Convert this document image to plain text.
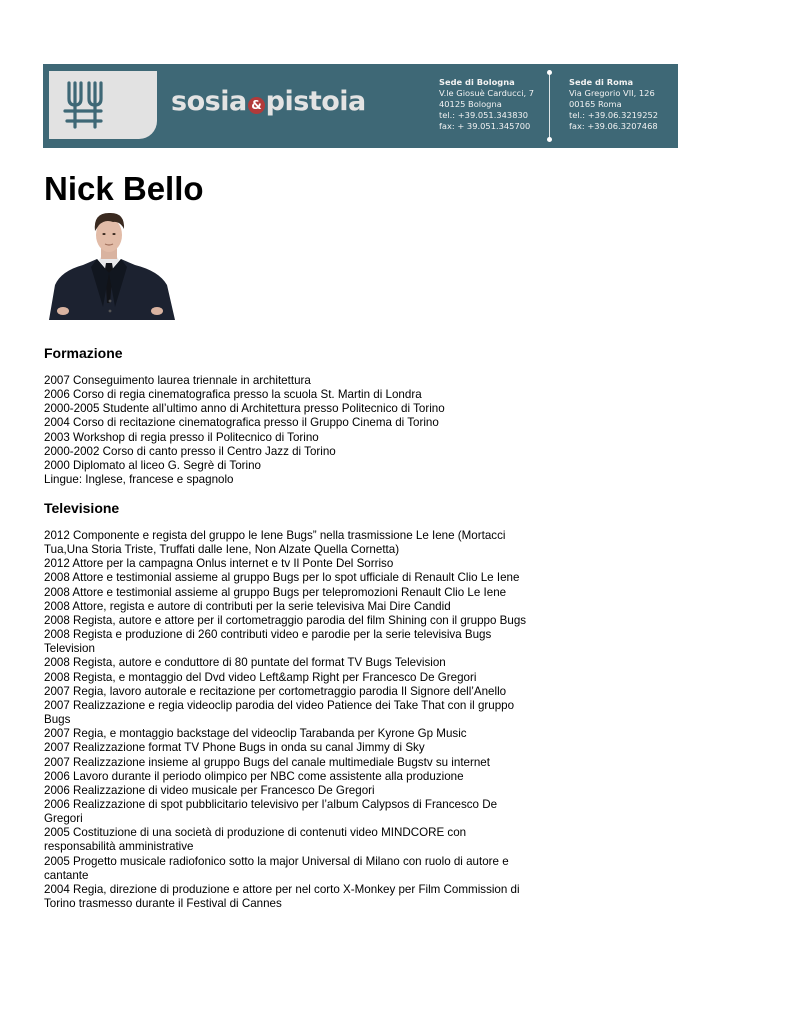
sosia & pistoia
Sede di Bologna
V.le Giosuè Carducci, 7
40125 Bologna
tel.: +39.051.343830
fax: + 39.051.345700
Sede di Roma
Via Gregorio VII, 126
00165 Roma
tel.: +39.06.3219252
fax: +39.06.3207468
Nick Bello
Formazione
2007 Conseguimento laurea triennale in architettura
2006 Corso di regia cinematografica presso la scuola St. Martin di Londra
2000-2005 Studente all’ultimo anno di Architettura presso Politecnico di Torino
2004 Corso di recitazione cinematografica presso il Gruppo Cinema di Torino
2003 Workshop di regia presso il Politecnico di Torino
2000-2002 Corso di canto presso il Centro Jazz di Torino
2000 Diplomato al liceo G. Segrè di Torino
Lingue: Inglese, francese e spagnolo
Televisione
2012 Componente e regista del gruppo le Iene Bugs” nella trasmissione Le Iene (Mortacci
Tua,Una Storia Triste, Truffati dalle Iene, Non Alzate Quella Cornetta)
2012 Attore per la campagna Onlus internet e tv Il Ponte Del Sorriso
2008 Attore e testimonial assieme al gruppo Bugs per lo spot ufficiale di Renault Clio Le Iene
2008 Attore e testimonial assieme al gruppo Bugs per telepromozioni Renault Clio Le Iene
2008 Attore, regista e autore di contributi per la serie televisiva Mai Dire Candid
2008 Regista, autore e attore per il cortometraggio parodia del film Shining con il gruppo Bugs
2008 Regista e produzione di 260 contributi video e parodie per la serie televisiva Bugs
Television
2008 Regista, autore e conduttore di 80 puntate del format TV Bugs Television
2008 Regista, e montaggio del Dvd video Left&amp Right per Francesco De Gregori
2007 Regia, lavoro autorale e recitazione per cortometraggio parodia Il Signore dell’Anello
2007 Realizzazione e regia videoclip parodia del video Patience dei Take That con il gruppo
Bugs
2007 Regia, e montaggio backstage del videoclip Tarabanda per Kyrone Gp Music
2007 Realizzazione format TV Phone Bugs in onda su canal Jimmy di Sky
2007 Realizzazione insieme al gruppo Bugs del canale multimediale Bugstv su internet
2006 Lavoro durante il periodo olimpico per NBC come assistente alla produzione
2006 Realizzazione di video musicale per Francesco De Gregori
2006 Realizzazione di spot pubblicitario televisivo per l’album Calypsos di Francesco De
Gregori
2005 Costituzione di una società di produzione di contenuti video MINDCORE con
responsabilità amministrative
2005 Progetto musicale radiofonico sotto la major Universal di Milano con ruolo di autore e
cantante
2004 Regia, direzione di produzione e attore per nel corto X-Monkey per Film Commission di
Torino trasmesso durante il Festival di Cannes
